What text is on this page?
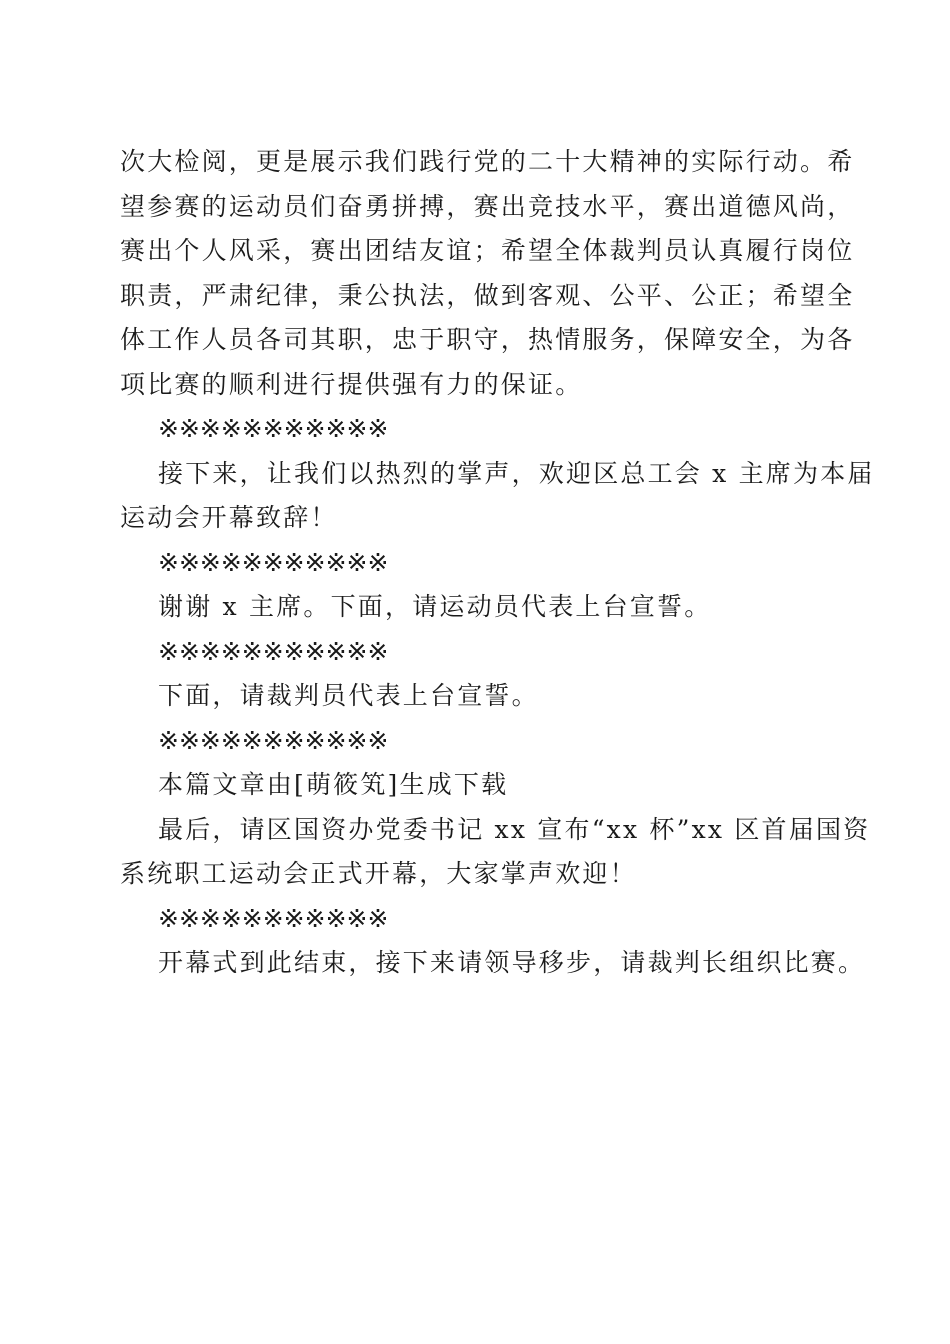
次大检阅，更是展示我们践行党的二十大精神的实际行动。希
望参赛的运动员们奋勇拼搏，赛出竞技水平，赛出道德风尚，
赛出个人风采，赛出团结友谊；希望全体裁判员认真履行岗位
职责，严肃纪律，秉公执法，做到客观、公平、公正；希望全
体工作人员各司其职，忠于职守，热情服务，保障安全，为各
项比赛的顺利进行提供强有力的保证。
※※※※※※※※※※※
接下来，让我们以热烈的掌声，欢迎区总工会 x 主席为本届
运动会开幕致辞！
※※※※※※※※※※※
谢谢 x 主席。下面，请运动员代表上台宣誓。
※※※※※※※※※※※
下面，请裁判员代表上台宣誓。
※※※※※※※※※※※
本篇文章由[萌筱笂]生成下载
最后，请区国资办党委书记 xx 宣布“xx 杯”xx 区首届国资
系统职工运动会正式开幕，大家掌声欢迎！
※※※※※※※※※※※
开幕式到此结束，接下来请领导移步，请裁判长组织比赛。
